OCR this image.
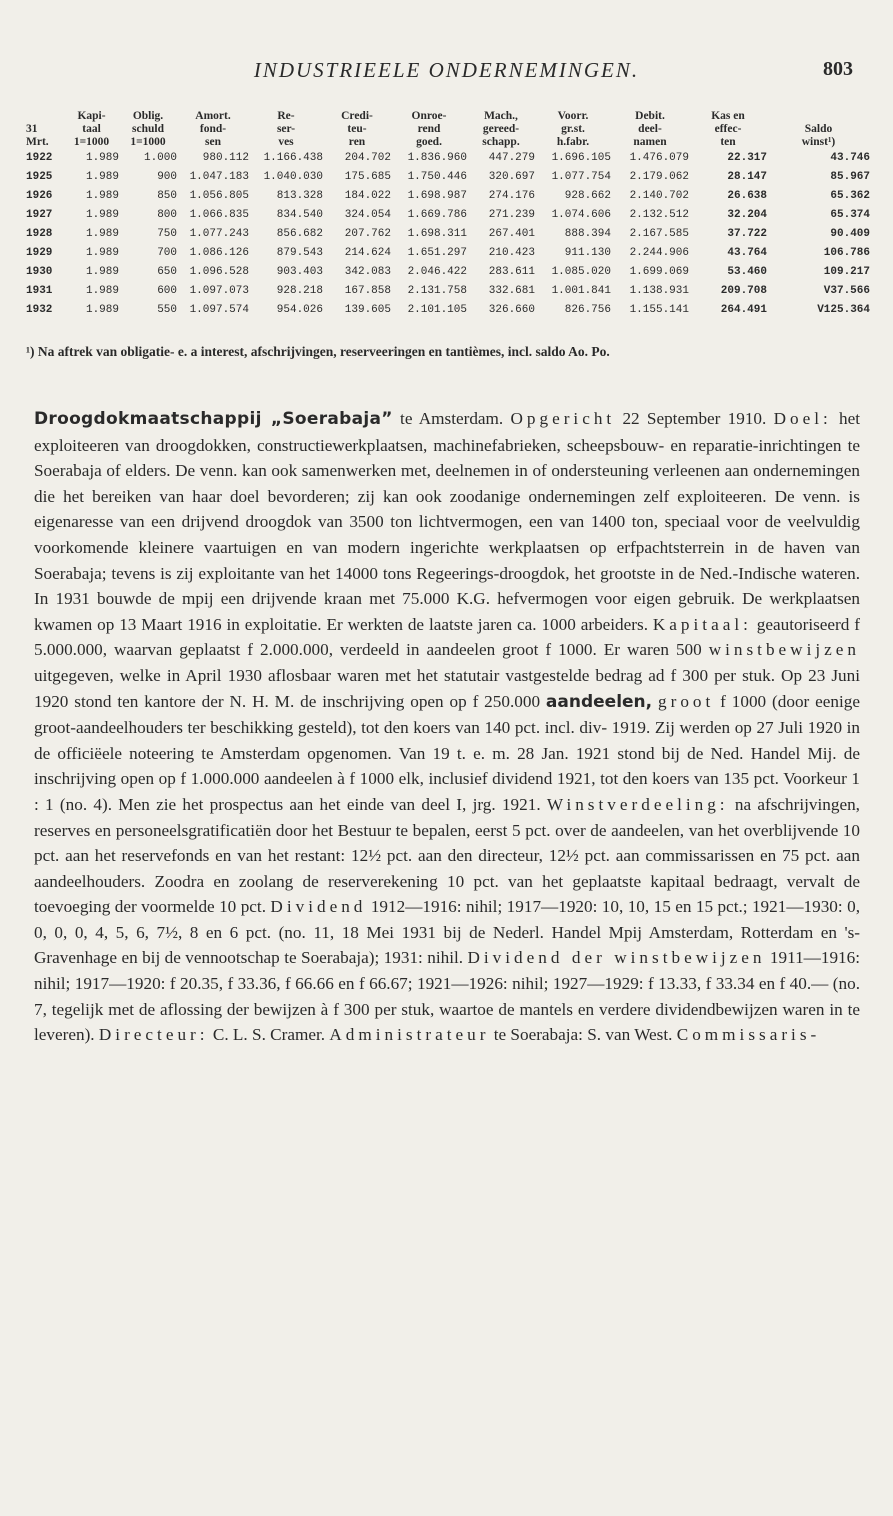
INDUSTRIEELE ONDERNEMINGEN.	803
	Kapi-	Oblig.	Amort.	Re-	Credi-	Onroe-	Mach.,	Voorr.	Debit.	Kas en	
31	taal	schuld	fond-	ser-	teu-	rend	gereed-	gr.st.	deel-	effec-	Saldo
Mrt.	1=1000	1=1000	sen	ves	ren	goed.	schapp.	h.fabr.	namen	ten	winst¹)
1922	1.989	1.000	980.112	1.166.438	204.702	1.836.960	447.279	1.696.105	1.476.079	22.317	43.746
1925	1.989	900	1.047.183	1.040.030	175.685	1.750.446	320.697	1.077.754	2.179.062	28.147	85.967
1926	1.989	850	1.056.805	813.328	184.022	1.698.987	274.176	928.662	2.140.702	26.638	65.362
1927	1.989	800	1.066.835	834.540	324.054	1.669.786	271.239	1.074.606	2.132.512	32.204	65.374
1928	1.989	750	1.077.243	856.682	207.762	1.698.311	267.401	888.394	2.167.585	37.722	90.409
1929	1.989	700	1.086.126	879.543	214.624	1.651.297	210.423	911.130	2.244.906	43.764	106.786
1930	1.989	650	1.096.528	903.403	342.083	2.046.422	283.611	1.085.020	1.699.069	53.460	109.217
1931	1.989	600	1.097.073	928.218	167.858	2.131.758	332.681	1.001.841	1.138.931	209.708	V37.566
1932	1.989	550	1.097.574	954.026	139.605	2.101.105	326.660	826.756	1.155.141	264.491	V125.364
¹) Na aftrek van obligatie- e. a interest, afschrijvingen, reserveeringen en tantièmes, incl. saldo Ao. Po.
Droogdokmaatschappij „Soerabaja” te Amsterdam. Opgericht 22 September 1910. Doel: het exploiteeren van droogdokken, constructiewerkplaatsen, machinefabrieken, scheepsbouw- en reparatie-inrichtingen te Soerabaja of elders. De venn. kan ook samenwerken met, deelnemen in of ondersteuning verleenen aan ondernemingen die het bereiken van haar doel bevorderen; zij kan ook zoodanige ondernemingen zelf exploiteeren. De venn. is eigenaresse van een drijvend droogdok van 3500 ton lichtvermogen, een van 1400 ton, speciaal voor de veelvuldig voorkomende kleinere vaartuigen en van modern ingerichte werkplaatsen op erfpachtsterrein in de haven van Soerabaja; tevens is zij exploitante van het 14000 tons Regeerings-droogdok, het grootste in de Ned.-Indische wateren. In 1931 bouwde de mpij een drijvende kraan met 75.000 K.G. hefvermogen voor eigen gebruik. De werkplaatsen kwamen op 13 Maart 1916 in exploitatie. Er werkten de laatste jaren ca. 1000 arbeiders. Kapitaal: geautoriseerd f 5.000.000, waarvan geplaatst f 2.000.000, verdeeld in aandeelen groot f 1000. Er waren 500 winstbewijzen uitgegeven, welke in April 1930 aflosbaar waren met het statutair vastgestelde bedrag ad f 300 per stuk. Op 23 Juni 1920 stond ten kantore der N. H. M. de inschrijving open op f 250.000 aandeelen, groot f 1000 (door eenige groot-aandeelhouders ter beschikking gesteld), tot den koers van 140 pct. incl. div- 1919. Zij werden op 27 Juli 1920 in de officiëele noteering te Amsterdam opgenomen. Van 19 t. e. m. 28 Jan. 1921 stond bij de Ned. Handel Mij. de inschrijving open op f 1.000.000 aandeelen à f 1000 elk, inclusief dividend 1921, tot den koers van 135 pct. Voorkeur 1 : 1 (no. 4). Men zie het prospectus aan het einde van deel I, jrg. 1921. Winstverdeeling: na afschrijvingen, reserves en personeelsgratificatiën door het Bestuur te bepalen, eerst 5 pct. over de aandeelen, van het overblijvende 10 pct. aan het reservefonds en van het restant: 12½ pct. aan den directeur, 12½ pct. aan commissarissen en 75 pct. aan aandeelhouders. Zoodra en zoolang de reserverekening 10 pct. van het geplaatste kapitaal bedraagt, vervalt de toevoeging der voormelde 10 pct. Dividend 1912—1916: nihil; 1917—1920: 10, 10, 15 en 15 pct.; 1921—1930: 0, 0, 0, 0, 4, 5, 6, 7½, 8 en 6 pct. (no. 11, 18 Mei 1931 bij de Nederl. Handel Mpij Amsterdam, Rotterdam en 's-Gravenhage en bij de vennootschap te Soerabaja); 1931: nihil. Dividend der winstbewijzen 1911—1916: nihil; 1917—1920: f 20.35, f 33.36, f 66.66 en f 66.67; 1921—1926: nihil; 1927—1929: f 13.33, f 33.34 en f 40.— (no. 7, tegelijk met de aflossing der bewijzen à f 300 per stuk, waartoe de mantels en verdere dividendbewijzen waren in te leveren). Directeur: C. L. S. Cramer. Administrateur te Soerabaja: S. van West. Commissaris-
